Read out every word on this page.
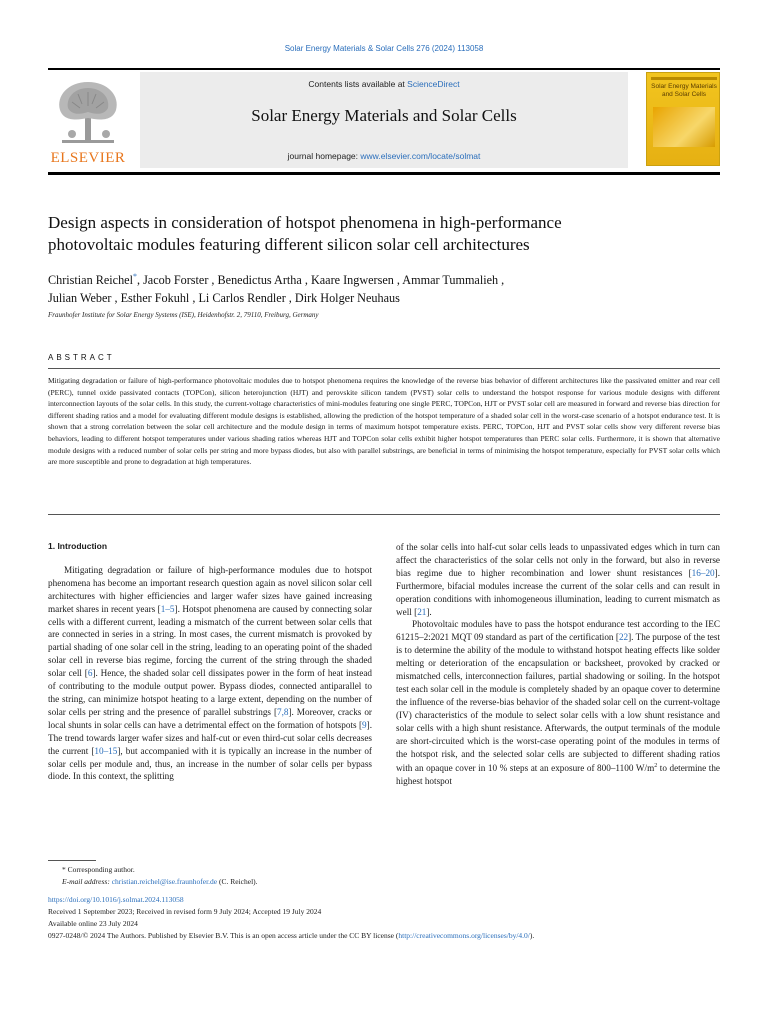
Solar Energy Materials & Solar Cells 276 (2024) 113058
ELSEVIER
Contents lists available at ScienceDirect
Solar Energy Materials and Solar Cells
journal homepage: www.elsevier.com/locate/solmat
Solar Energy Materials and Solar Cells
Design aspects in consideration of hotspot phenomena in high-performance
photovoltaic modules featuring different silicon solar cell architectures
Christian Reichel*, Jacob Forster , Benedictus Artha , Kaare Ingwersen , Ammar Tummalieh ,
Julian Weber , Esther Fokuhl , Li Carlos Rendler , Dirk Holger Neuhaus
Fraunhofer Institute for Solar Energy Systems (ISE), Heidenhofstr. 2, 79110, Freiburg, Germany
ABSTRACT
Mitigating degradation or failure of high-performance photovoltaic modules due to hotspot phenomena requires the knowledge of the reverse bias behavior of different architectures like the passivated emitter and rear cell (PERC), tunnel oxide passivated contacts (TOPCon), silicon heterojunction (HJT) and perovskite silicon tandem (PVST) solar cells to understand the hotspot response for various module designs with different interconnection layouts of the solar cells. In this study, the current-voltage characteristics of mini-modules featuring one single PERC, TOPCon, HJT or PVST solar cell are measured in forward and reverse bias direction for different shading ratios and a model for evaluating different module designs is established, allowing the prediction of the hotspot temperature of a shaded solar cell in the worst-case scenario of a hotspot endurance test. It is shown that a strong correlation between the solar cell architecture and the module design in terms of maximum hotspot temperature exists. PERC, TOPCon, HJT and PVST solar cells show very different reverse bias behaviors, leading to different hotspot temperatures under various shading ratios whereas HJT and TOPCon solar cells exhibit higher hotspot temperatures than PERC solar cells. Furthermore, it is shown that alternative module designs with a reduced number of solar cells per string and more bypass diodes, but also with parallel substrings, are beneficial in terms of minimising the hotspot temperature, especially for PVST solar cells which are more susceptible and prone to degradation at high temperatures.
1. Introduction
Mitigating degradation or failure of high-performance modules due to hotspot phenomena has become an important research question again as novel silicon solar cell architectures with higher efficiencies and larger wafer sizes have gained increasing market shares in recent years [1–5]. Hotspot phenomena are caused by connecting solar cells with a different current, leading a mismatch of the current between solar cells that are connected in series in a string. In most cases, the current mismatch is provoked by partial shading of one solar cell in the string, leading to an operating point of the shaded solar cell in reverse bias regime, forcing the current of the string through the shaded solar cell [6]. Hence, the shaded solar cell dissipates power in the form of heat instead of contributing to the module output power. Bypass diodes, connected antiparallel to the string, can minimize hotspot heating to a large extent, depending on the number of solar cells per string and the presence of parallel substrings [7,8]. Moreover, cracks or local shunts in solar cells can have a detrimental effect on the formation of hotspots [9]. The trend towards larger wafer sizes and half-cut or even third-cut solar cells decreases the current [10–15], but accompanied with it is typically an increase in the number of solar cells per module and, thus, an increase in the number of solar cells per bypass diode. In this context, the splitting
of the solar cells into half-cut solar cells leads to unpassivated edges which in turn can affect the characteristics of the solar cells not only in the forward, but also in reverse bias regime due to higher recombination and lower shunt resistances [16–20]. Furthermore, bifacial modules increase the current of the solar cells and can result in operation conditions with inhomogeneous illumination, leading to current mismatch as well [21].
Photovoltaic modules have to pass the hotspot endurance test according to the IEC 61215–2:2021 MQT 09 standard as part of the certification [22]. The purpose of the test is to determine the ability of the module to withstand hotspot heating effects like solder melting or deterioration of the encapsulation or backsheet, provoked by cracked or mismatched cells, interconnection failures, partial shadowing or soiling. In the hotspot test each solar cell in the module is completely shaded by an opaque cover to determine the influence of the reverse-bias behavior of the shaded solar cell on the current-voltage (IV) characteristics of the module to select solar cells with a low shunt resistance and solar cells with a high shunt resistance. Afterwards, the output terminals of the module are short-circuited which is the worst-case operating point of the modules in terms of the hotspot risk, and the selected solar cells are subjected to different shading ratios with an opaque cover in 10 % steps at an exposure of 800–1100 $W/m^2$ to determine the highest hotspot
* Corresponding author.
E-mail address: christian.reichel@ise.fraunhofer.de (C. Reichel).
https://doi.org/10.1016/j.solmat.2024.113058
Received 1 September 2023; Received in revised form 9 July 2024; Accepted 19 July 2024
Available online 23 July 2024
0927-0248/© 2024 The Authors. Published by Elsevier B.V. This is an open access article under the CC BY license (http://creativecommons.org/licenses/by/4.0/).
